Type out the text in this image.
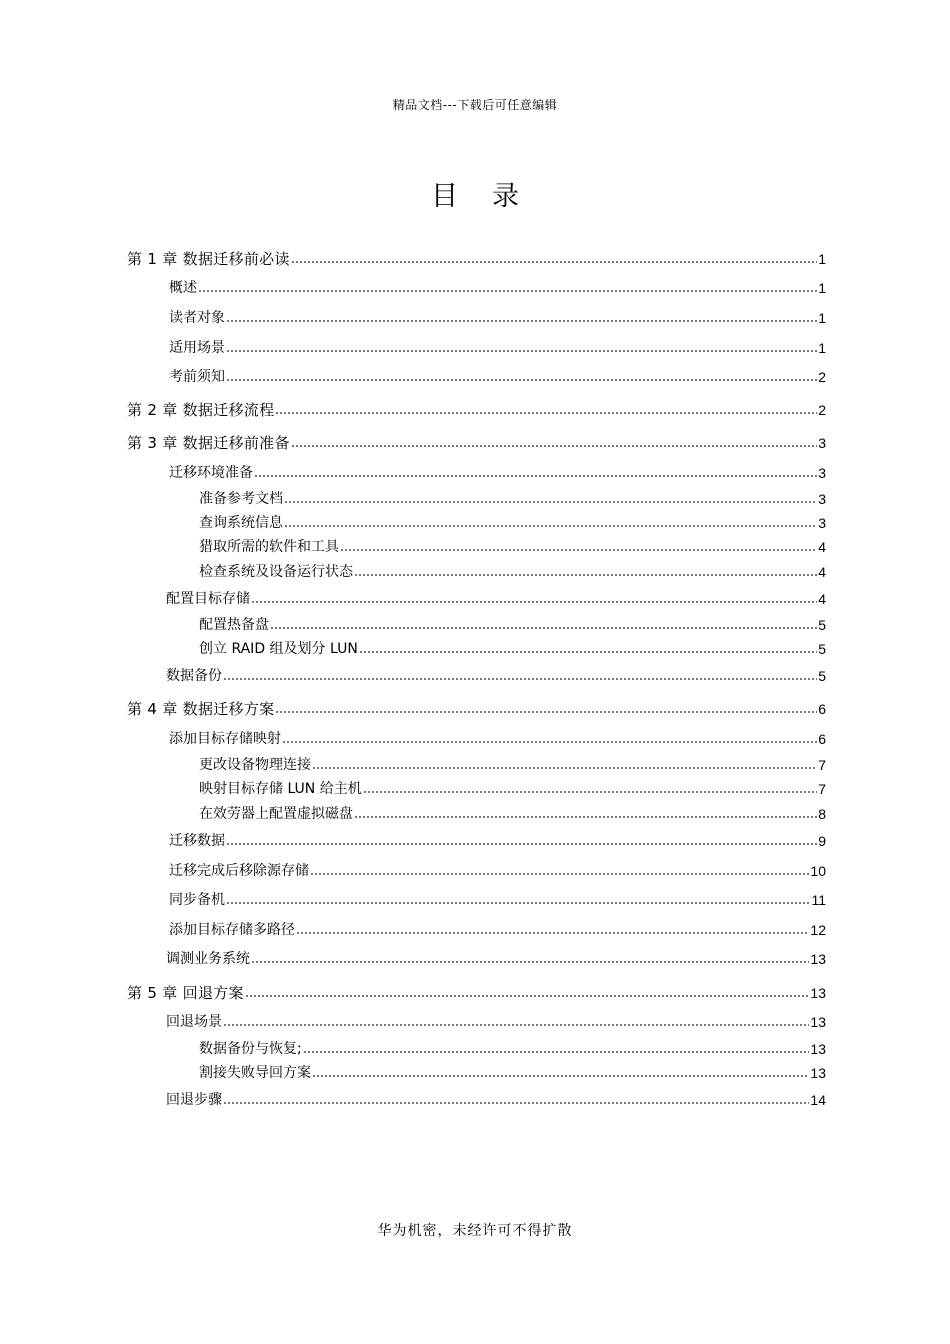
精品文档---下载后可任意编辑
目录
第 1 章 数据迁移前必读	1
概述	1
读者对象	1
适用场景	1
考前须知	2
第 2 章 数据迁移流程	2
第 3 章 数据迁移前准备	3
迁移环境准备	3
准备参考文档	3
查询系统信息	3
猎取所需的软件和工具	4
检查系统及设备运行状态	4
配置目标存储	4
配置热备盘	5
创立 RAID 组及划分 LUN	5
数据备份	5
第 4 章 数据迁移方案	6
添加目标存储映射	6
更改设备物理连接	7
映射目标存储 LUN 给主机	7
在效劳器上配置虚拟磁盘	8
迁移数据	9
迁移完成后移除源存储	10
同步备机	11
添加目标存储多路径	12
调测业务系统	13
第 5 章 回退方案	13
回退场景	13
数据备份与恢复;	13
割接失败导回方案	13
回退步骤	14
华为机密，未经许可不得扩散
